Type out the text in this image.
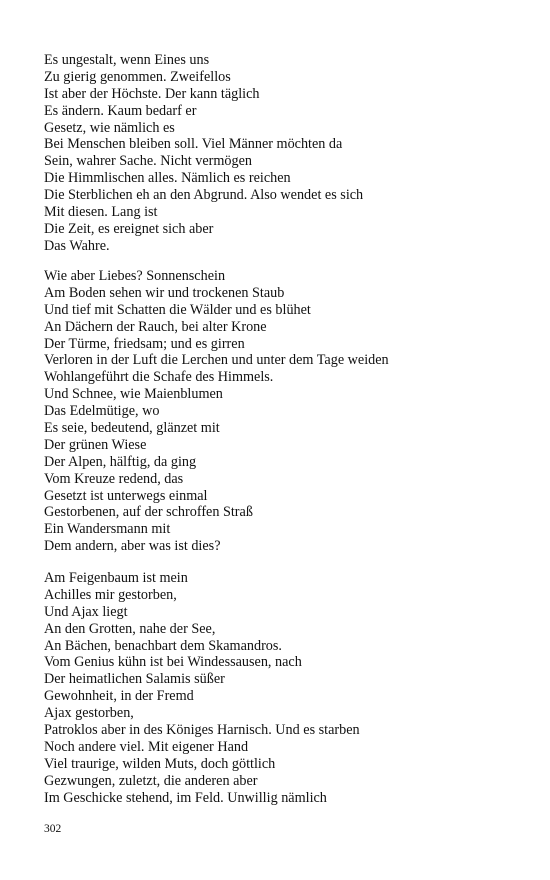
Es ungestalt, wenn Eines uns
Zu gierig genommen. Zweifellos
Ist aber der Höchste. Der kann täglich
Es ändern. Kaum bedarf er
Gesetz, wie nämlich es
Bei Menschen bleiben soll. Viel Männer möchten da
Sein, wahrer Sache. Nicht vermögen
Die Himmlischen alles. Nämlich es reichen
Die Sterblichen eh an den Abgrund. Also wendet es sich
Mit diesen. Lang ist
Die Zeit, es ereignet sich aber
Das Wahre.
Wie aber Liebes? Sonnenschein
Am Boden sehen wir und trockenen Staub
Und tief mit Schatten die Wälder und es blühet
An Dächern der Rauch, bei alter Krone
Der Türme, friedsam; und es girren
Verloren in der Luft die Lerchen und unter dem Tage weiden
Wohlangeführt die Schafe des Himmels.
Und Schnee, wie Maienblumen
Das Edelmütige, wo
Es seie, bedeutend, glänzet mit
Der grünen Wiese
Der Alpen, hälftig, da ging
Vom Kreuze redend, das
Gesetzt ist unterwegs einmal
Gestorbenen, auf der schroffen Straß
Ein Wandersmann mit
Dem andern, aber was ist dies?
Am Feigenbaum ist mein
Achilles mir gestorben,
Und Ajax liegt
An den Grotten, nahe der See,
An Bächen, benachbart dem Skamandros.
Vom Genius kühn ist bei Windessausen, nach
Der heimatlichen Salamis süßer
Gewohnheit, in der Fremd
Ajax gestorben,
Patroklos aber in des Königes Harnisch. Und es starben
Noch andere viel. Mit eigener Hand
Viel traurige, wilden Muts, doch göttlich
Gezwungen, zuletzt, die anderen aber
Im Geschicke stehend, im Feld. Unwillig nämlich
302
